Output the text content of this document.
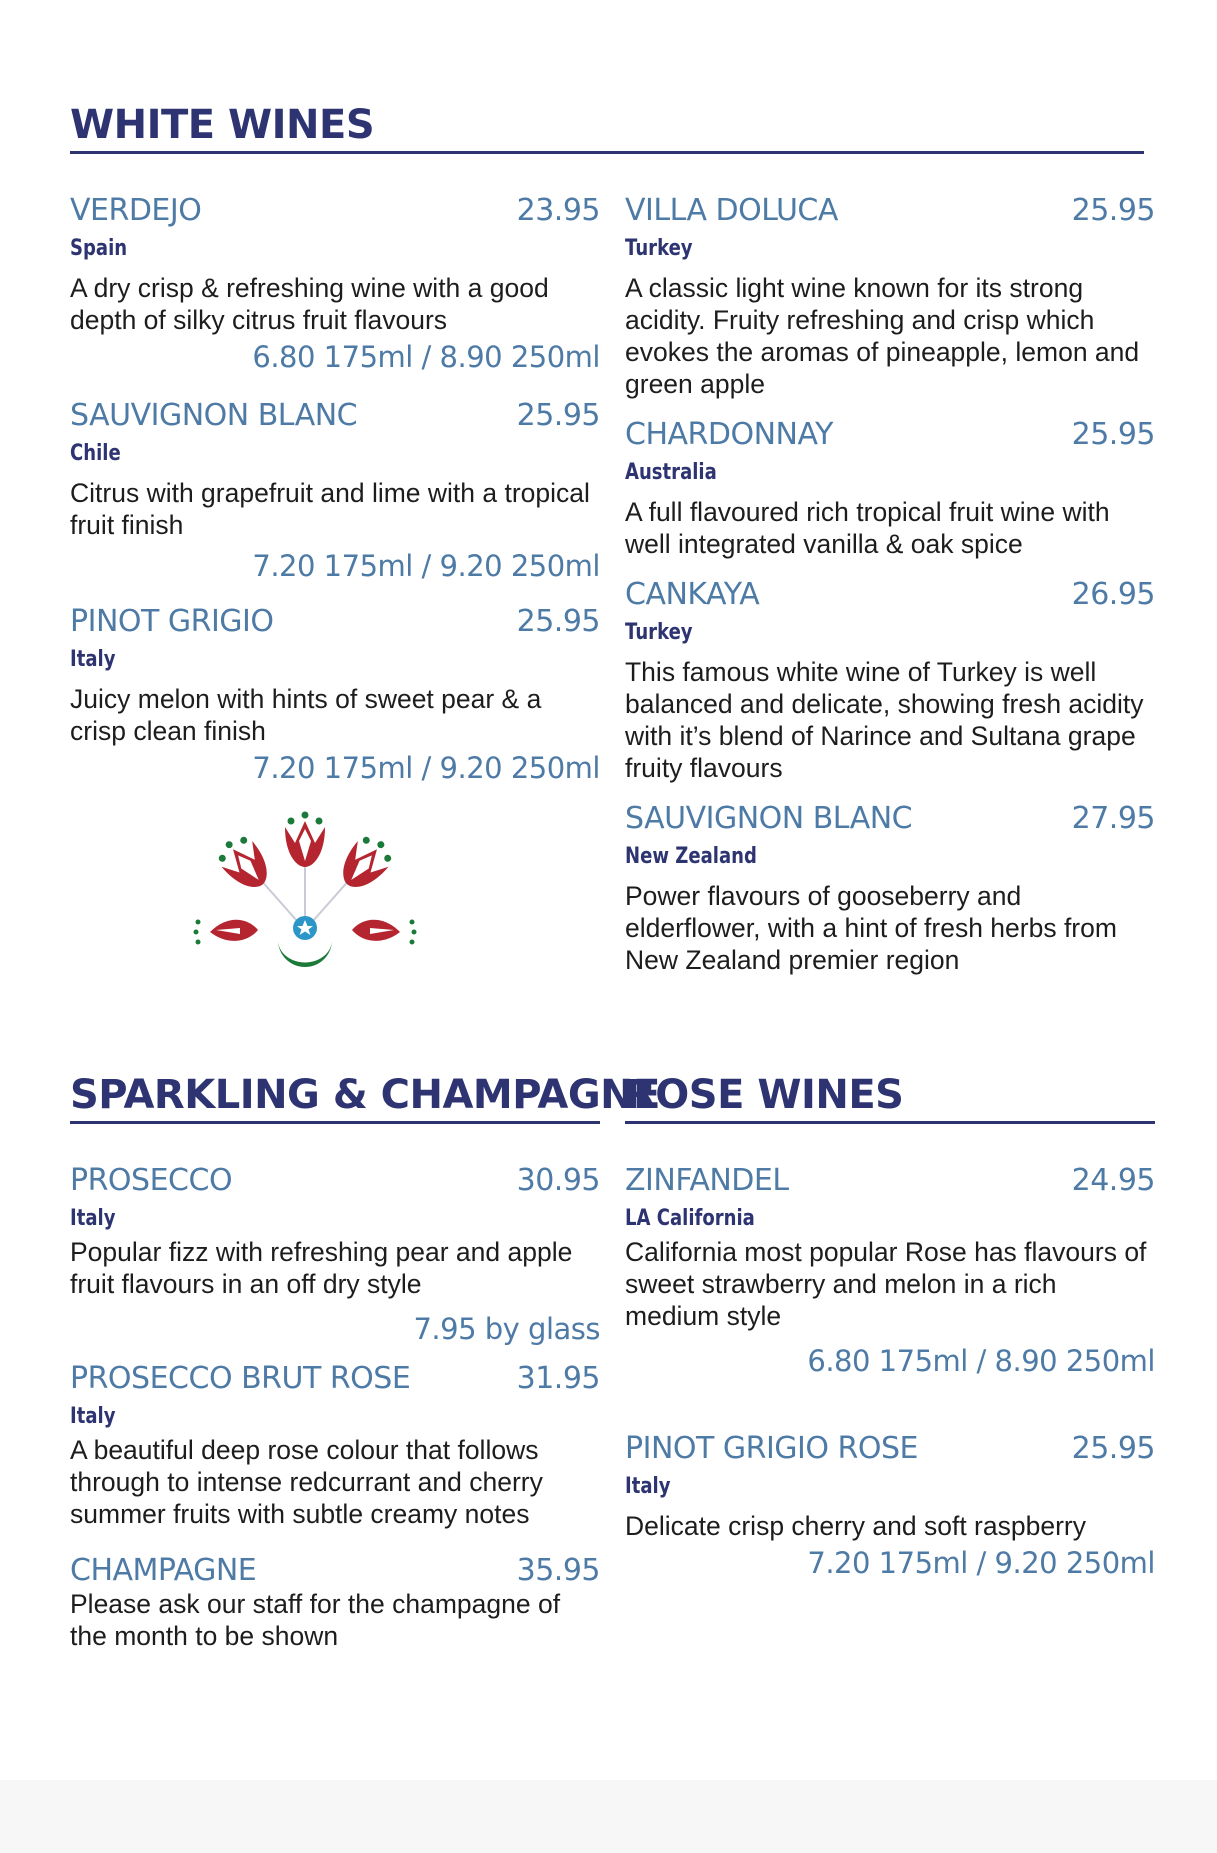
WHITE WINES
VERDEJO	23.95
Spain
A dry crisp & refreshing wine with a good depth of silky citrus fruit flavours
6.80 175ml / 8.90 250ml
SAUVIGNON BLANC	25.95
Chile
Citrus with grapefruit and lime with a tropical fruit finish
7.20 175ml / 9.20 250ml
PINOT GRIGIO	25.95
Italy
Juicy melon with hints of sweet pear & a crisp clean finish
7.20 175ml / 9.20 250ml
VILLA DOLUCA	25.95
Turkey
A classic light wine known for its strong acidity. Fruity refreshing and crisp which evokes the aromas of pineapple, lemon and green apple
CHARDONNAY	25.95
Australia
A full flavoured rich tropical fruit wine with well integrated vanilla & oak spice
CANKAYA	26.95
Turkey
This famous white wine of Turkey is well balanced and delicate, showing fresh acidity with it’s blend of Narince and Sultana grape fruity flavours
SAUVIGNON BLANC	27.95
New Zealand
Power flavours of gooseberry and elderflower, with a hint of fresh herbs from New Zealand premier region
SPARKLING & CHAMPAGNE
PROSECCO	30.95
Italy
Popular fizz with refreshing pear and apple fruit flavours in an off dry style
7.95 by glass
PROSECCO BRUT ROSE	31.95
Italy
A beautiful deep rose colour that follows through to intense redcurrant and cherry summer fruits with subtle creamy notes
CHAMPAGNE	35.95
Please ask our staff for the champagne of the month to be shown
ROSE WINES
ZINFANDEL	24.95
LA California
California most popular Rose has flavours of sweet strawberry and melon in a rich medium style
6.80 175ml / 8.90 250ml
PINOT GRIGIO ROSE	25.95
Italy
Delicate crisp cherry and soft raspberry
7.20 175ml / 9.20 250ml
